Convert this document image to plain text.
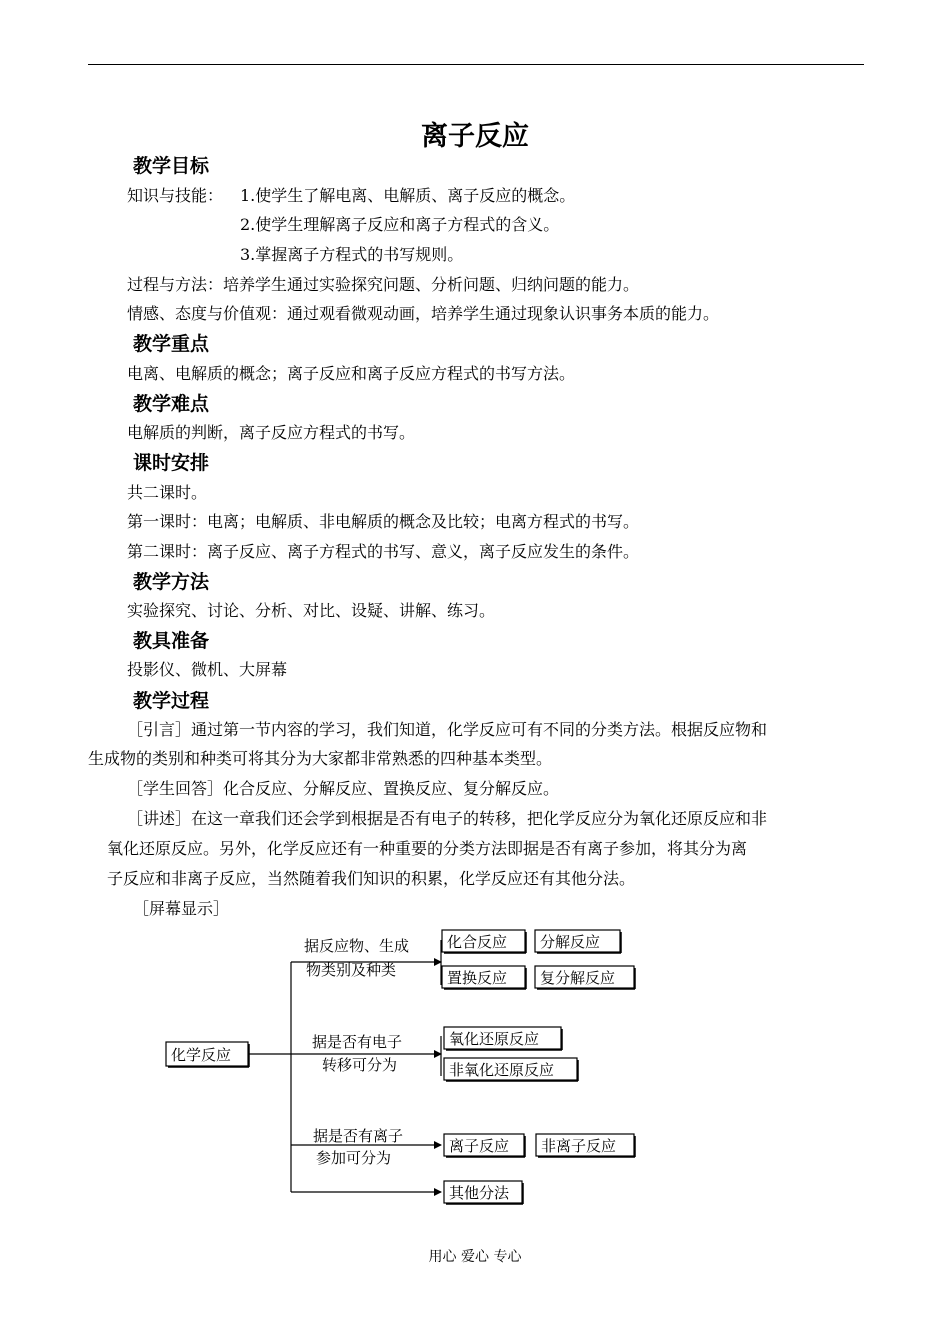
离子反应
教学目标
知识与技能： 1.使学生了解电离、电解质、离子反应的概念。
2.使学生理解离子反应和离子方程式的含义。
3.掌握离子方程式的书写规则。
过程与方法：培养学生通过实验探究问题、分析问题、归纳问题的能力。
情感、态度与价值观：通过观看微观动画，培养学生通过现象认识事务本质的能力。
教学重点
电离、电解质的概念；离子反应和离子反应方程式的书写方法。
教学难点
电解质的判断，离子反应方程式的书写。
课时安排
共二课时。
第一课时：电离；电解质、非电解质的概念及比较；电离方程式的书写。
第二课时：离子反应、离子方程式的书写、意义，离子反应发生的条件。
教学方法
实验探究、讨论、分析、对比、设疑、讲解、练习。
教具准备
投影仪、微机、大屏幕
教学过程
［引言］通过第一节内容的学习，我们知道，化学反应可有不同的分类方法。根据反应物和
生成物的类别和种类可将其分为大家都非常熟悉的四种基本类型。
［学生回答］化合反应、分解反应、置换反应、复分解反应。
［讲述］在这一章我们还会学到根据是否有电子的转移，把化学反应分为氧化还原反应和非
氧化还原反应。另外，化学反应还有一种重要的分类方法即据是否有离子参加，将其分为离
子反应和非离子反应，当然随着我们知识的积累，化学反应还有其他分法。
［屏幕显示］
化学反应
据反应物、生成
物类别及种类
化合反应 分解反应
置换反应 复分解反应
据是否有电子
转移可分为
氧化还原反应
非氧化还原反应
据是否有离子
参加可分为
离子反应 非离子反应
其他分法
用心 爱心 专心
